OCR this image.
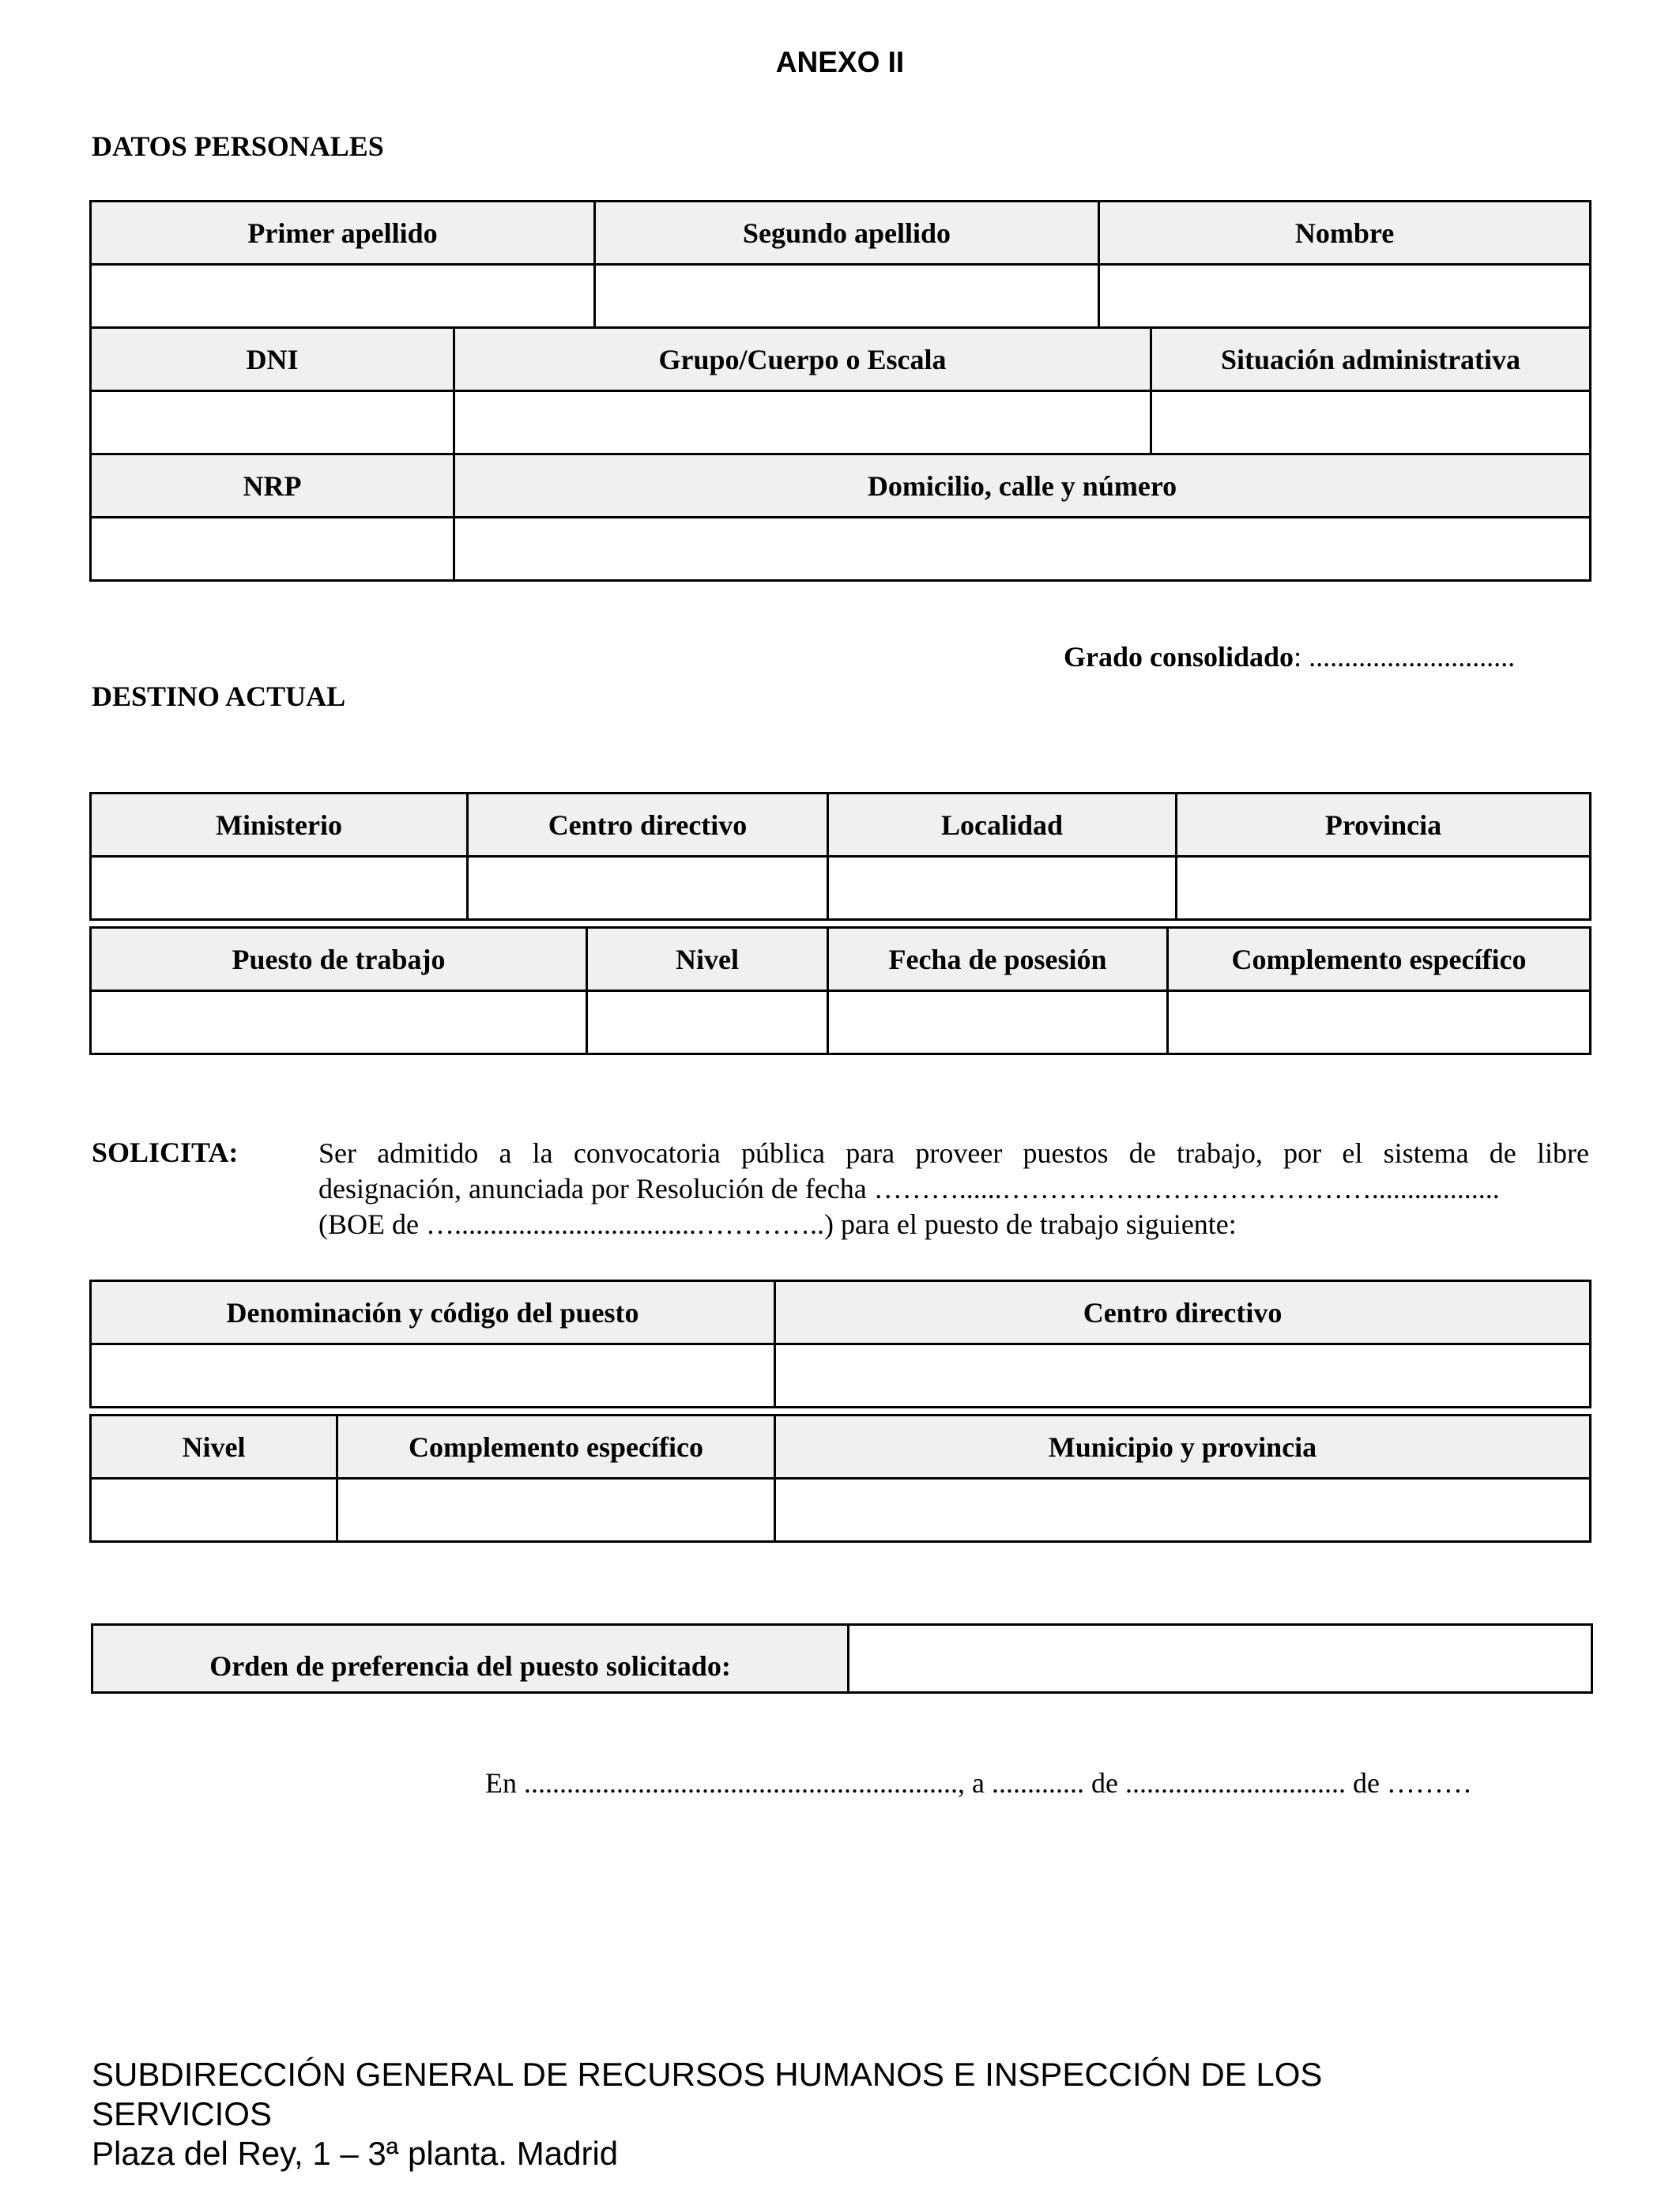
ANEXO II
DATOS PERSONALES
Primer apellido		Segundo apellido	Nombre	

DNI	Grupo/Cuerpo o Escala			Situación administrativa

NRP	Domicilio, calle y número			

Grado consolidado: .............................
DESTINO ACTUAL
Ministerio	Centro directivo	Localidad	Provincia

Puesto de trabajo	Nivel	Fecha de posesión	Complemento específico

SOLICITA:	Ser admitido a la convocatoria pública para proveer puestos de trabajo, por el sistema de libre
designación, anunciada por Resolución de fecha ………......…………………………………..................
(BOE de …..................................…………..) para el puesto de trabajo siguiente:
Denominación y código del puesto	Centro directivo

Nivel	Complemento específico	Municipio y provincia

Orden de preferencia del puesto solicitado:	
En ............................................................., a ............. de ............................... de ………
SUBDIRECCIÓN GENERAL DE RECURSOS HUMANOS E INSPECCIÓN DE LOS
SERVICIOS
Plaza del Rey, 1 – 3ª planta. Madrid
